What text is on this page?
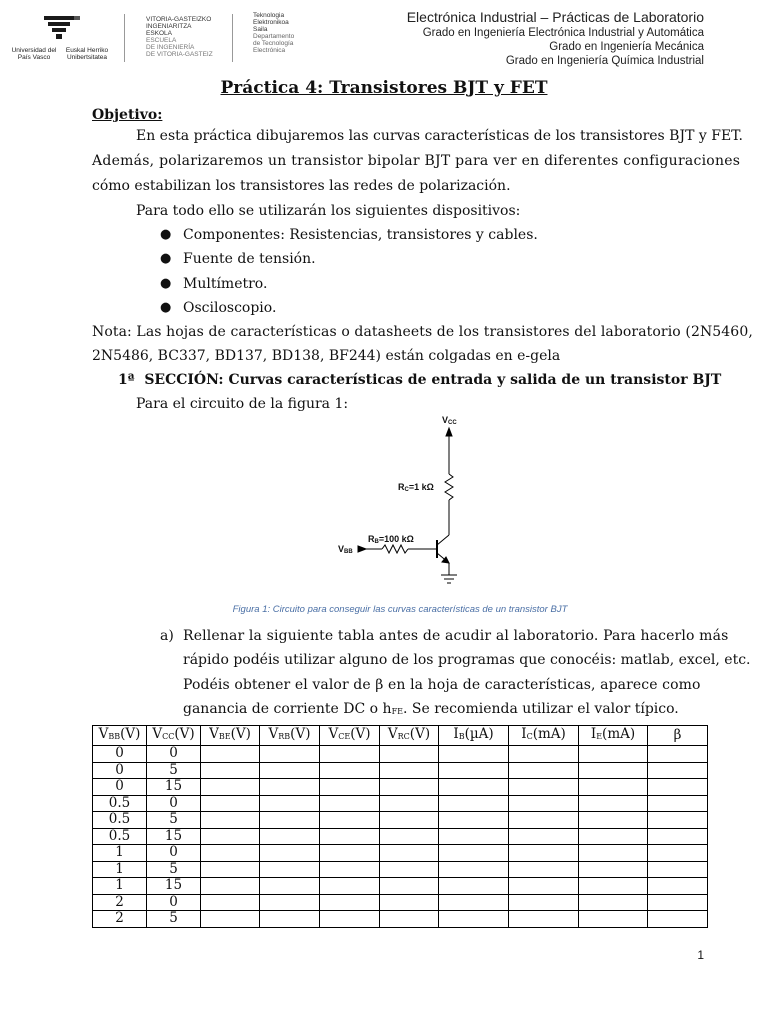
Universidad del País Vasco
Euskal Herriko Unibertsitatea
VITORIA-GASTEIZKO
INGENIARITZA
ESKOLA
ESCUELA
DE INGENIERÍA
DE VITORIA-GASTEIZ
Teknologia
Elektronikoa
Saila
Departamento
de Tecnología
Electrónica
Electrónica Industrial – Prácticas de Laboratorio
Grado en Ingeniería Electrónica Industrial y Automática
Grado en Ingeniería Mecánica
Grado en Ingeniería Química Industrial
Práctica 4: Transistores BJT y FET
Objetivo:
En esta práctica dibujaremos las curvas características de los transistores BJT y FET.
Además, polarizaremos un transistor bipolar BJT para ver en diferentes configuraciones
cómo estabilizan los transistores las redes de polarización.
Para todo ello se utilizarán los siguientes dispositivos:
● Componentes: Resistencias, transistores y cables.
● Fuente de tensión.
● Multímetro.
● Osciloscopio.
Nota: Las hojas de características o datasheets de los transistores del laboratorio (2N5460,
2N5486, BC337, BD137, BD138, BF244) están colgadas en e-gela
1ª SECCIÓN: Curvas características de entrada y salida de un transistor BJT
Para el circuito de la figura 1:
$V_{CC}$
$R_C=1$ kΩ
$R_B=100$ kΩ
$V_{BB}$
Figura 1: Circuito para conseguir las curvas características de un transistor BJT
a) Rellenar la siguiente tabla antes de acudir al laboratorio. Para hacerlo más
rápido podéis utilizar alguno de los programas que conocéis: matlab, excel, etc.
Podéis obtener el valor de β en la hoja de características, aparece como
ganancia de corriente DC o $h_{FE}$. Se recomienda utilizar el valor típico.
$V_{BB}(V)$	$V_{CC}(V)$	$V_{BE}(V)$	$V_{RB}(V)$	$V_{CE}(V)$	$V_{RC}(V)$	$I_B(\mu A)$	$I_C(mA)$	$I_E(mA)$	β
0	0								
0	5								
0	15								
0.5	0								
0.5	5								
0.5	15								
1	0								
1	5								
1	15								
2	0								
2	5								
1
